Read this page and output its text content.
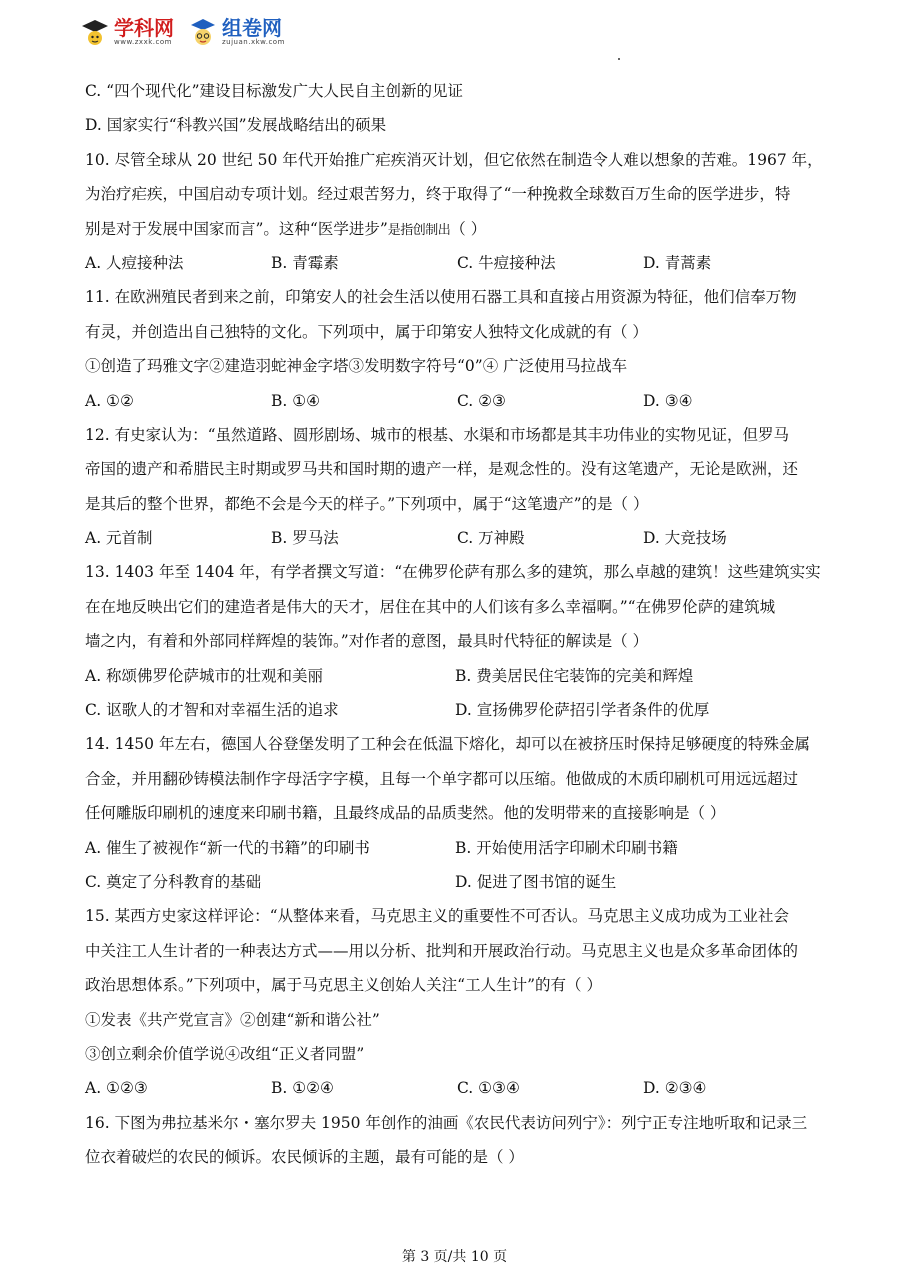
学科网
www.zxxk.com
组卷网
zujuan.xkw.com
C. “四个现代化”建设目标激发广大人民自主创新的见证
D. 国家实行“科教兴国”发展战略结出的硕果
10. 尽管全球从 20 世纪 50 年代开始推广疟疾消灭计划，但它依然在制造令人难以想象的苦难。1967 年，
为治疗疟疾，中国启动专项计划。经过艰苦努力，终于取得了“一种挽救全球数百万生命的医学进步，特
别是对于发展中国家而言”。这种“医学进步”是指创制出（ ）
A. 人痘接种法	B. 青霉素	C. 牛痘接种法	D. 青蒿素
11. 在欧洲殖民者到来之前，印第安人的社会生活以使用石器工具和直接占用资源为特征，他们信奉万物
有灵，并创造出自己独特的文化。下列项中，属于印第安人独特文化成就的有（ ）
①创造了玛雅文字②建造羽蛇神金字塔③发明数字符号“0”④ 广泛使用马拉战车
A. ①②	B. ①④	C. ②③	D. ③④
12. 有史家认为：“虽然道路、圆形剧场、城市的根基、水渠和市场都是其丰功伟业的实物见证，但罗马
帝国的遗产和希腊民主时期或罗马共和国时期的遗产一样，是观念性的。没有这笔遗产，无论是欧洲，还
是其后的整个世界，都绝不会是今天的样子。”下列项中，属于“这笔遗产”的是（ ）
A. 元首制	B. 罗马法	C. 万神殿	D. 大竞技场
13. 1403 年至 1404 年，有学者撰文写道：“在佛罗伦萨有那么多的建筑，那么卓越的建筑！这些建筑实实
在在地反映出它们的建造者是伟大的天才，居住在其中的人们该有多么幸福啊。”“在佛罗伦萨的建筑城
墙之内，有着和外部同样辉煌的装饰。”对作者的意图，最具时代特征的解读是（ ）
A. 称颂佛罗伦萨城市的壮观和美丽	B. 费美居民住宅装饰的完美和辉煌
C. 讴歌人的才智和对幸福生活的追求	D. 宣扬佛罗伦萨招引学者条件的优厚
14. 1450 年左右，德国人谷登堡发明了工种会在低温下熔化，却可以在被挤压时保持足够硬度的特殊金属
合金，并用翻砂铸模法制作字母活字字模，且每一个单字都可以压缩。他做成的木质印刷机可用远远超过
任何雕版印刷机的速度来印刷书籍，且最终成品的品质斐然。他的发明带来的直接影响是（ ）
A. 催生了被视作“新一代的书籍”的印刷书	B. 开始使用活字印刷术印刷书籍
C. 奠定了分科教育的基础	D. 促进了图书馆的诞生
15. 某西方史家这样评论：“从整体来看，马克思主义的重要性不可否认。马克思主义成功成为工业社会
中关注工人生计者的一种表达方式——用以分析、批判和开展政治行动。马克思主义也是众多革命团体的
政治思想体系。”下列项中，属于马克思主义创始人关注“工人生计”的有（ ）
①发表《共产党宣言》②创建“新和谐公社”
③创立剩余价值学说④改组“正义者同盟”
A. ①②③	B. ①②④	C. ①③④	D. ②③④
16. 下图为弗拉基米尔・塞尔罗夫 1950 年创作的油画《农民代表访问列宁》：列宁正专注地听取和记录三
位衣着破烂的农民的倾诉。农民倾诉的主题，最有可能的是（ ）
第 3 页/共 10 页
